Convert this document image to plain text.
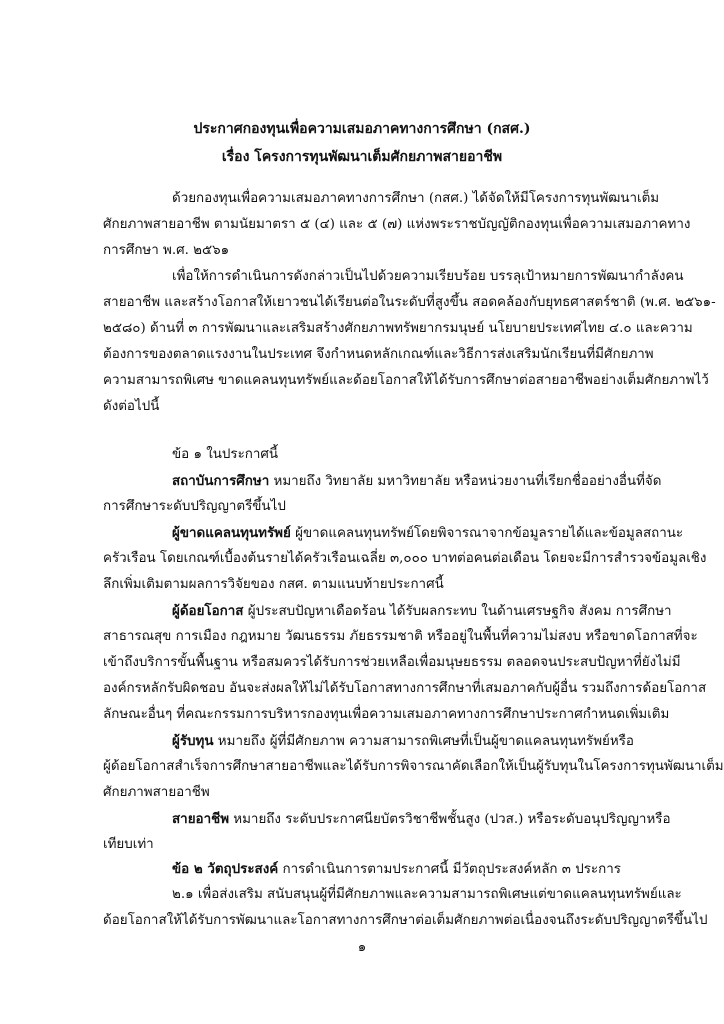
ประกาศกองทุนเพื่อความเสมอภาคทางการศึกษา (กสศ.)
เรื่อง โครงการทุนพัฒนาเต็มศักยภาพสายอาชีพ
ด้วยกองทุนเพื่อความเสมอภาคทางการศึกษา (กสศ.) ได้จัดให้มีโครงการทุนพัฒนาเต็ม
ศักยภาพสายอาชีพ ตามนัยมาตรา ๕ (๔) และ ๕ (๗) แห่งพระราชบัญญัติกองทุนเพื่อความเสมอภาคทาง
การศึกษา พ.ศ. ๒๕๖๑
เพื่อให้การดำเนินการดังกล่าวเป็นไปด้วยความเรียบร้อย บรรลุเป้าหมายการพัฒนากำลังคน
สายอาชีพ และสร้างโอกาสให้เยาวชนได้เรียนต่อในระดับที่สูงขึ้น สอดคล้องกับยุทธศาสตร์ชาติ (พ.ศ. ๒๕๖๑-
๒๕๘๐) ด้านที่ ๓ การพัฒนาและเสริมสร้างศักยภาพทรัพยากรมนุษย์ นโยบายประเทศไทย ๔.๐ และความ
ต้องการของตลาดแรงงานในประเทศ จึงกำหนดหลักเกณฑ์และวิธีการส่งเสริมนักเรียนที่มีศักยภาพ
ความสามารถพิเศษ ขาดแคลนทุนทรัพย์และด้อยโอกาสให้ได้รับการศึกษาต่อสายอาชีพอย่างเต็มศักยภาพไว้
ดังต่อไปนี้
ข้อ ๑ ในประกาศนี้
สถาบันการศึกษา หมายถึง วิทยาลัย มหาวิทยาลัย หรือหน่วยงานที่เรียกชื่ออย่างอื่นที่จัด
การศึกษาระดับปริญญาตรีขึ้นไป
ผู้ขาดแคลนทุนทรัพย์ ผู้ขาดแคลนทุนทรัพย์โดยพิจารณาจากข้อมูลรายได้และข้อมูลสถานะ
ครัวเรือน โดยเกณฑ์เบื้องต้นรายได้ครัวเรือนเฉลี่ย ๓,๐๐๐ บาทต่อคนต่อเดือน โดยจะมีการสำรวจข้อมูลเชิง
ลึกเพิ่มเติมตามผลการวิจัยของ กสศ. ตามแนบท้ายประกาศนี้
ผู้ด้อยโอกาส ผู้ประสบปัญหาเดือดร้อน ได้รับผลกระทบ ในด้านเศรษฐกิจ สังคม การศึกษา
สาธารณสุข การเมือง กฎหมาย วัฒนธรรม ภัยธรรมชาติ หรืออยู่ในพื้นที่ความไม่สงบ หรือขาดโอกาสที่จะ
เข้าถึงบริการขั้นพื้นฐาน หรือสมควรได้รับการช่วยเหลือเพื่อมนุษยธรรม ตลอดจนประสบปัญหาที่ยังไม่มี
องค์กรหลักรับผิดชอบ อันจะส่งผลให้ไม่ได้รับโอกาสทางการศึกษาที่เสมอภาคกับผู้อื่น รวมถึงการด้อยโอกาส
ลักษณะอื่นๆ ที่คณะกรรมการบริหารกองทุนเพื่อความเสมอภาคทางการศึกษาประกาศกำหนดเพิ่มเติม
ผู้รับทุน หมายถึง ผู้ที่มีศักยภาพ ความสามารถพิเศษที่เป็นผู้ขาดแคลนทุนทรัพย์หรือ
ผู้ด้อยโอกาสสำเร็จการศึกษาสายอาชีพและได้รับการพิจารณาคัดเลือกให้เป็นผู้รับทุนในโครงการทุนพัฒนาเต็ม
ศักยภาพสายอาชีพ
สายอาชีพ หมายถึง ระดับประกาศนียบัตรวิชาชีพชั้นสูง (ปวส.) หรือระดับอนุปริญญาหรือ
เทียบเท่า
ข้อ ๒ วัตถุประสงค์ การดำเนินการตามประกาศนี้ มีวัตถุประสงค์หลัก ๓ ประการ
๒.๑ เพื่อส่งเสริม สนับสนุนผู้ที่มีศักยภาพและความสามารถพิเศษแต่ขาดแคลนทุนทรัพย์และ
ด้อยโอกาสให้ได้รับการพัฒนาและโอกาสทางการศึกษาต่อเต็มศักยภาพต่อเนื่องจนถึงระดับปริญญาตรีขึ้นไป
๑
